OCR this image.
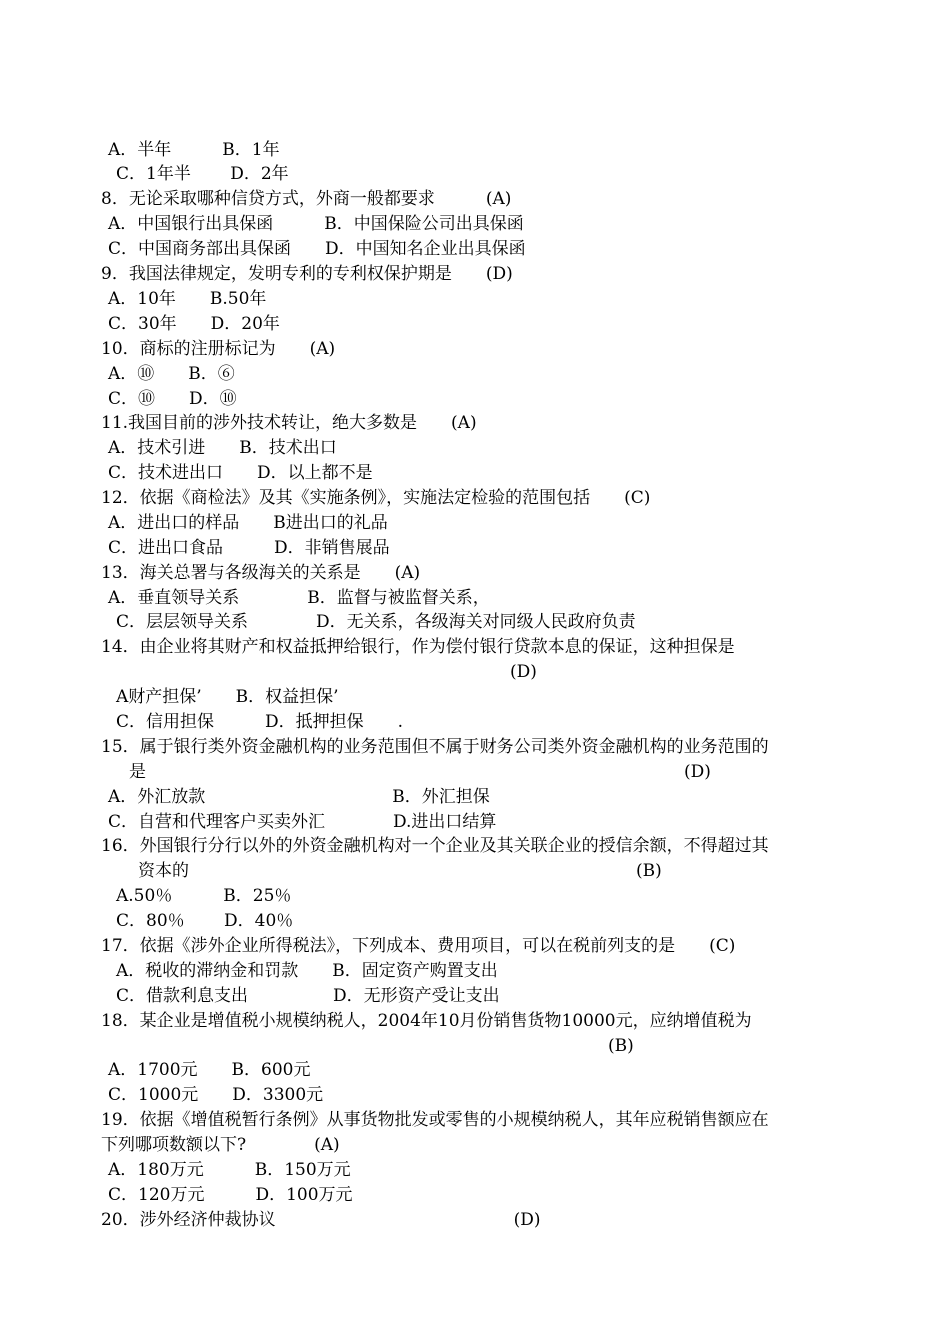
A．半年　　　B．1年
C．1年半　　 D．2年
8．无论采取哪种信贷方式，外商一般都要求　　　(A)
A．中国银行出具保函　　　B．中国保险公司出具保函
C．中国商务部出具保函　　D．中国知名企业出具保函
9．我国法律规定，发明专利的专利权保护期是　　(D)
A．10年　　B.50年
C．30年　　D．20年
10．商标的注册标记为　　(A)
A．⑩　　B．⑥
C．⑩　　D．⑩
11.我国目前的涉外技术转让，绝大多数是　　(A)
A．技术引进　　B．技术出口
C．技术进出口　　D．以上都不是
12．依据《商检法》及其《实施条例》，实施法定检验的范围包括　　(C)
A．进出口的样品　　B进出口的礼品
C．进出口食品　　　D．非销售展品
13．海关总署与各级海关的关系是　　(A)
A．垂直领导关系　　　　B．监督与被监督关系，
C．层层领导关系　　　　D．无关系，各级海关对同级人民政府负责
14．由企业将其财产和权益抵押给银行，作为偿付银行贷款本息的保证，这种担保是
(D)
A财产担保’　　B．权益担保’
C．信用担保　　　D．抵押担保　　.
15．属于银行类外资金融机构的业务范围但不属于财务公司类外资金融机构的业务范围的
是	(D)
A．外汇放款　　　　　　　　　　　B．外汇担保
C．自营和代理客户买卖外汇　　　　D.进出口结算
16．外国银行分行以外的外资金融机构对一个企业及其关联企业的授信余额，不得超过其
资本的	(B)
A.50％　　　B．25％
C．80％　　 D．40％
17．依据《涉外企业所得税法》，下列成本、费用项目，可以在税前列支的是　　(C)
A．税收的滞纳金和罚款　　B．固定资产购置支出
C．借款利息支出　　　　　D．无形资产受让支出
18．某企业是增值税小规模纳税人，2004年10月份销售货物10000元，应纳增值税为
(B)
A．1700元　　B．600元
C．1000元　　D．3300元
19．依据《增值税暂行条例》从事货物批发或零售的小规模纳税人，其年应税销售额应在
下列哪项数额以下?　　　　(A)
A．180万元　　　B．150万元
C．120万元　　　D．100万元
20．涉外经济仲裁协议　　　　　　　　　　　　　　(D)
